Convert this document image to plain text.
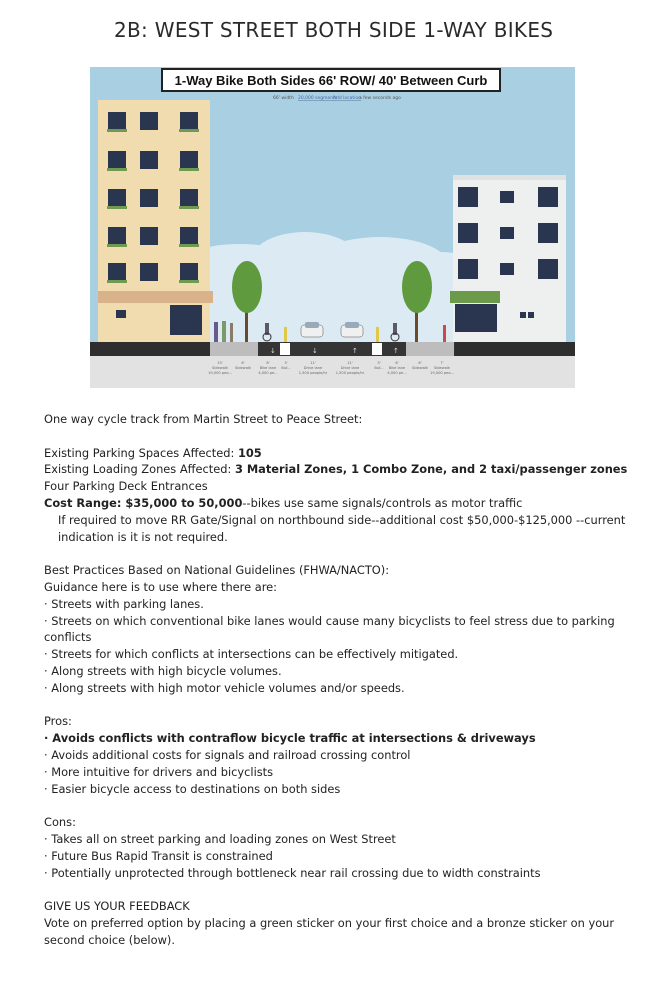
2B: WEST STREET BOTH SIDE 1-WAY BIKES
1-Way Bike Both Sides 66' ROW/ 40' Between Curb
66' width 20,000 segments
Add location
a few seconds ago
↓	↓	↑	↑
15'
Sidewalk
19,000 peo...
6'
Sidewalk
6'
Bike lane
4,000 pe...
3'
Buf...
11'
Drive lane
1,500 people/hr
11'
Drive lane
1,500 people/hr
3'
Buf...
6'
Bike lane
4,000 pe...
6'
Sidewalk
7'
Sidewalk
19,000 peo...

One way cycle track from Martin Street to Peace Street:

Existing Parking Spaces Affected: 105

Existing Loading Zones Affected: 3 Material Zones, 1 Combo Zone, and 2 taxi/passenger zones

Four Parking Deck Entrances

Cost Range: $35,000 to 50,000--bikes use same signals/controls as motor traffic

If required to move RR Gate/Signal on northbound side--additional cost $50,000-$125,000 --current indication is it is not required.

Best Practices Based on National Guidelines (FHWA/NACTO):

Guidance here is to use where there are:

· Streets with parking lanes.
· Streets on which conventional bike lanes would cause many bicyclists to feel stress due to parking conflicts
· Streets for which conflicts at intersections can be effectively mitigated.
· Along streets with high bicycle volumes.
· Along streets with high motor vehicle volumes and/or speeds.

Pros:

· Avoids conflicts with contraflow bicycle traffic at intersections & driveways
· Avoids additional costs for signals and railroad crossing control
· More intuitive for drivers and bicyclists
· Easier bicycle access to destinations on both sides

Cons:

· Takes all on street parking and loading zones on West Street
· Future Bus Rapid Transit is constrained
· Potentially unprotected through bottleneck near rail crossing due to width constraints

GIVE US YOUR FEEDBACK

Vote on preferred option by placing a green sticker on your first choice and a bronze sticker on your second choice (below).
